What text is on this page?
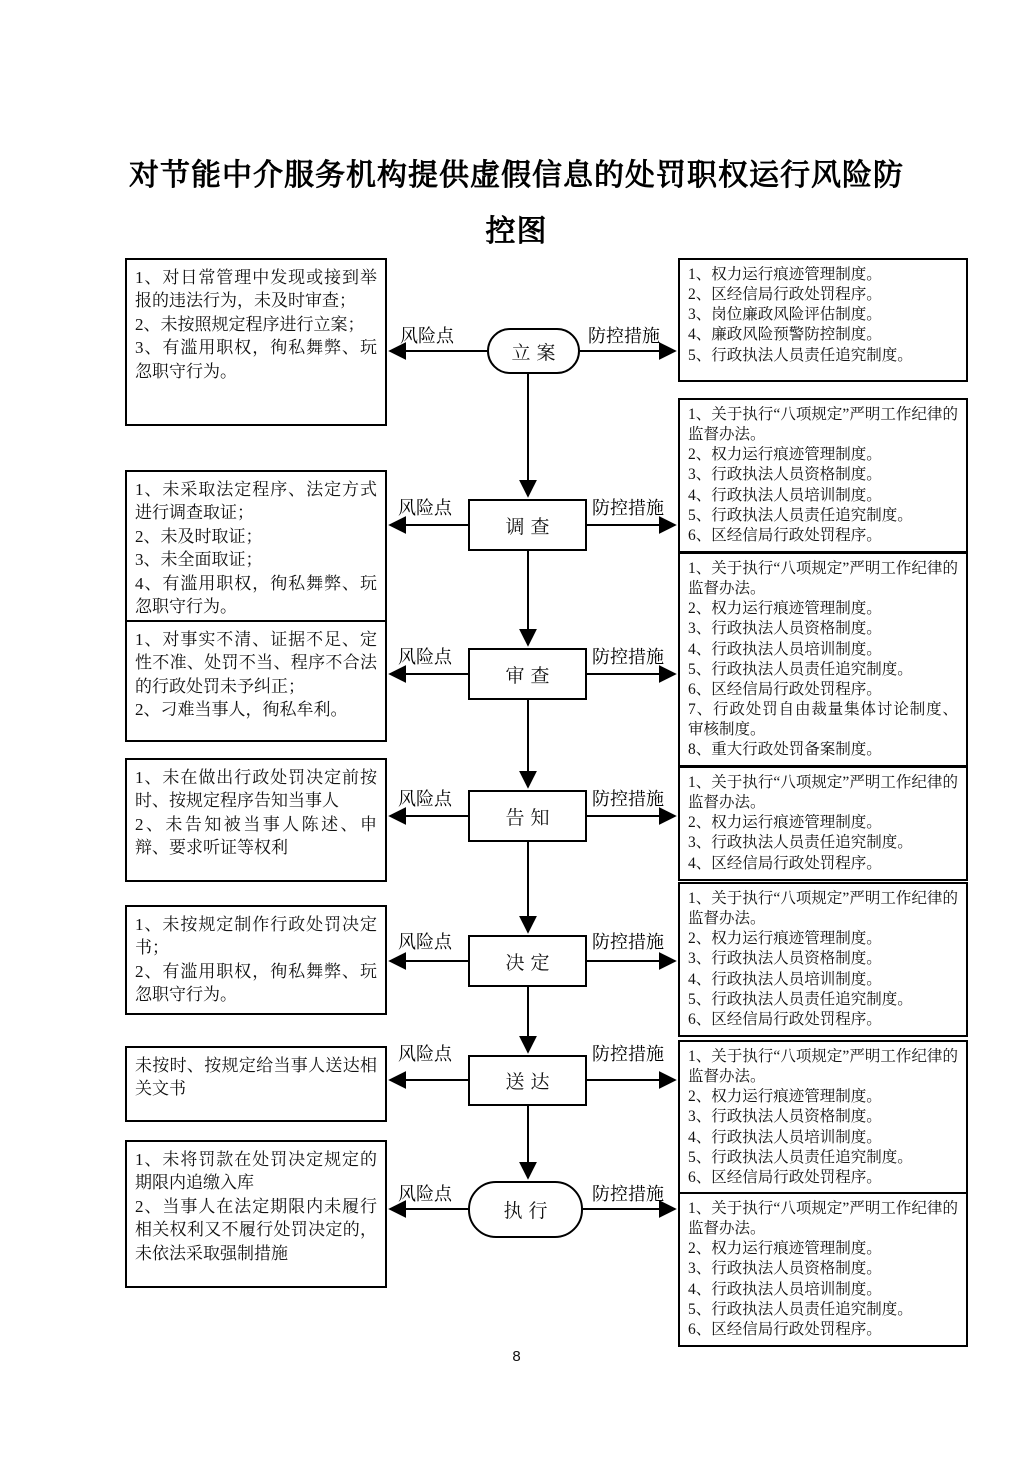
对节能中介服务机构提供虚假信息的处罚职权运行风险防
控图
1、对日常管理中发现或接到举报的违法行为，未及时审查；
2、未按照规定程序进行立案；
3、有滥用职权，徇私舞弊、玩忽职守行为。
立案
风险点	防控措施
1、权力运行痕迹管理制度。
2、区经信局行政处罚程序。
3、岗位廉政风险评估制度。
4、廉政风险预警防控制度。
5、行政执法人员责任追究制度。
1、未采取法定程序、法定方式进行调查取证；
2、未及时取证；
3、未全面取证；
4、有滥用职权，徇私舞弊、玩忽职守行为。
调查
风险点	防控措施
1、关于执行“八项规定”严明工作纪律的监督办法。
2、权力运行痕迹管理制度。
3、行政执法人员资格制度。
4、行政执法人员培训制度。
5、行政执法人员责任追究制度。
6、区经信局行政处罚程序。
1、对事实不清、证据不足、定性不准、处罚不当、程序不合法的行政处罚未予纠正；
2、刁难当事人，徇私牟利。
审查
风险点	防控措施
1、关于执行“八项规定”严明工作纪律的监督办法。
2、权力运行痕迹管理制度。
3、行政执法人员资格制度。
4、行政执法人员培训制度。
5、行政执法人员责任追究制度。
6、区经信局行政处罚程序。
7、行政处罚自由裁量集体讨论制度、审核制度。
8、重大行政处罚备案制度。
1、未在做出行政处罚决定前按时、按规定程序告知当事人
2、未告知被当事人陈述、申辩、要求听证等权利
告知
风险点	防控措施
1、关于执行“八项规定”严明工作纪律的监督办法。
2、权力运行痕迹管理制度。
3、行政执法人员责任追究制度。
4、区经信局行政处罚程序。
1、未按规定制作行政处罚决定书；
2、有滥用职权，徇私舞弊、玩忽职守行为。
决定
风险点	防控措施
1、关于执行“八项规定”严明工作纪律的监督办法。
2、权力运行痕迹管理制度。
3、行政执法人员资格制度。
4、行政执法人员培训制度。
5、行政执法人员责任追究制度。
6、区经信局行政处罚程序。
未按时、按规定给当事人送达相关文书	送达
风险点	防控措施 1、关于执行“八项规定”严明工作纪律的监督办法。
2、权力运行痕迹管理制度。
3、行政执法人员资格制度。
4、行政执法人员培训制度。
5、行政执法人员责任追究制度。
6、区经信局行政处罚程序。
1、未将罚款在处罚决定规定的期限内追缴入库
2、当事人在法定期限内未履行相关权利又不履行处罚决定的，未依法采取强制措施
执行
风险点	防控措施
1、关于执行“八项规定”严明工作纪律的监督办法。
2、权力运行痕迹管理制度。
3、行政执法人员资格制度。
4、行政执法人员培训制度。
5、行政执法人员责任追究制度。
6、区经信局行政处罚程序。
8
